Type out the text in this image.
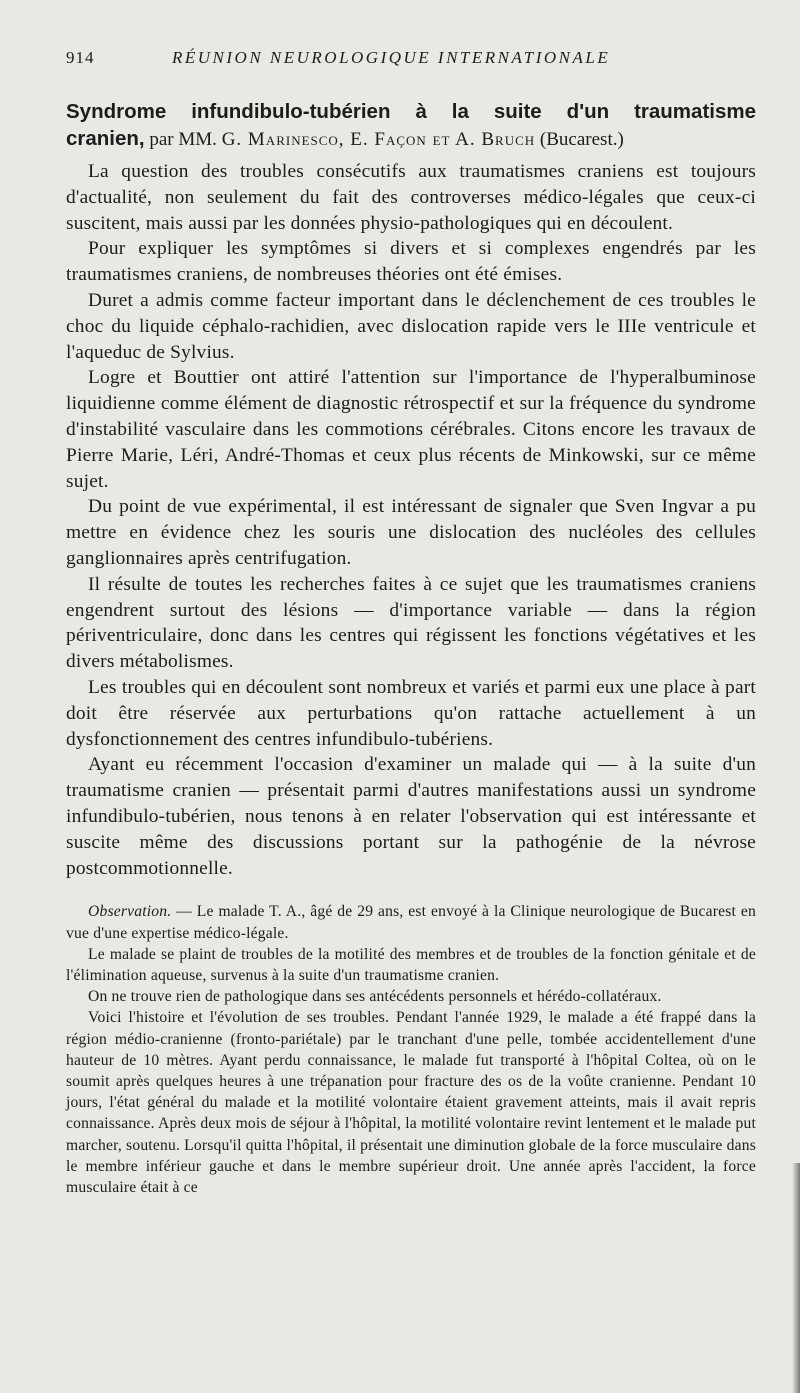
914	RÉUNION NEUROLOGIQUE INTERNATIONALE
Syndrome infundibulo-tubérien à la suite d'un traumatisme
cranien, par MM. G. Marinesco, E. Façon et A. Bruch (Bucarest.)

La question des troubles consécutifs aux traumatismes craniens est toujours d'actualité, non seulement du fait des controverses médico-légales que ceux-ci suscitent, mais aussi par les données physio-pathologiques qui en découlent.

Pour expliquer les symptômes si divers et si complexes engendrés par les traumatismes craniens, de nombreuses théories ont été émises.

Duret a admis comme facteur important dans le déclenchement de ces troubles le choc du liquide céphalo-rachidien, avec dislocation rapide vers le IIIe ventricule et l'aqueduc de Sylvius.

Logre et Bouttier ont attiré l'attention sur l'importance de l'hyperalbuminose liquidienne comme élément de diagnostic rétrospectif et sur la fréquence du syndrome d'instabilité vasculaire dans les commotions cérébrales. Citons encore les travaux de Pierre Marie, Léri, André-Thomas et ceux plus récents de Minkowski, sur ce même sujet.

Du point de vue expérimental, il est intéressant de signaler que Sven Ingvar a pu mettre en évidence chez les souris une dislocation des nucléoles des cellules ganglionnaires après centrifugation.

Il résulte de toutes les recherches faites à ce sujet que les traumatismes craniens engendrent surtout des lésions — d'importance variable — dans la région périventriculaire, donc dans les centres qui régissent les fonctions végétatives et les divers métabolismes.

Les troubles qui en découlent sont nombreux et variés et parmi eux une place à part doit être réservée aux perturbations qu'on rattache actuellement à un dysfonctionnement des centres infundibulo-tubériens.

Ayant eu récemment l'occasion d'examiner un malade qui — à la suite d'un traumatisme cranien — présentait parmi d'autres manifestations aussi un syndrome infundibulo-tubérien, nous tenons à en relater l'observation qui est intéressante et suscite même des discussions portant sur la pathogénie de la névrose postcommotionnelle.

Observation. — Le malade T. A., âgé de 29 ans, est envoyé à la Clinique neurologique de Bucarest en vue d'une expertise médico-légale.

Le malade se plaint de troubles de la motilité des membres et de troubles de la fonction génitale et de l'élimination aqueuse, survenus à la suite d'un traumatisme cranien.

On ne trouve rien de pathologique dans ses antécédents personnels et hérédo-collatéraux.

Voici l'histoire et l'évolution de ses troubles. Pendant l'année 1929, le malade a été frappé dans la région médio-cranienne (fronto-pariétale) par le tranchant d'une pelle, tombée accidentellement d'une hauteur de 10 mètres. Ayant perdu connaissance, le malade fut transporté à l'hôpital Coltea, où on le soumit après quelques heures à une trépanation pour fracture des os de la voûte cranienne. Pendant 10 jours, l'état général du malade et la motilité volontaire étaient gravement atteints, mais il avait repris connaissance. Après deux mois de séjour à l'hôpital, la motilité volontaire revint lentement et le malade put marcher, soutenu. Lorsqu'il quitta l'hôpital, il présentait une diminution globale de la force musculaire dans le membre inférieur gauche et dans le membre supérieur droit. Une année après l'accident, la force musculaire était à ce
